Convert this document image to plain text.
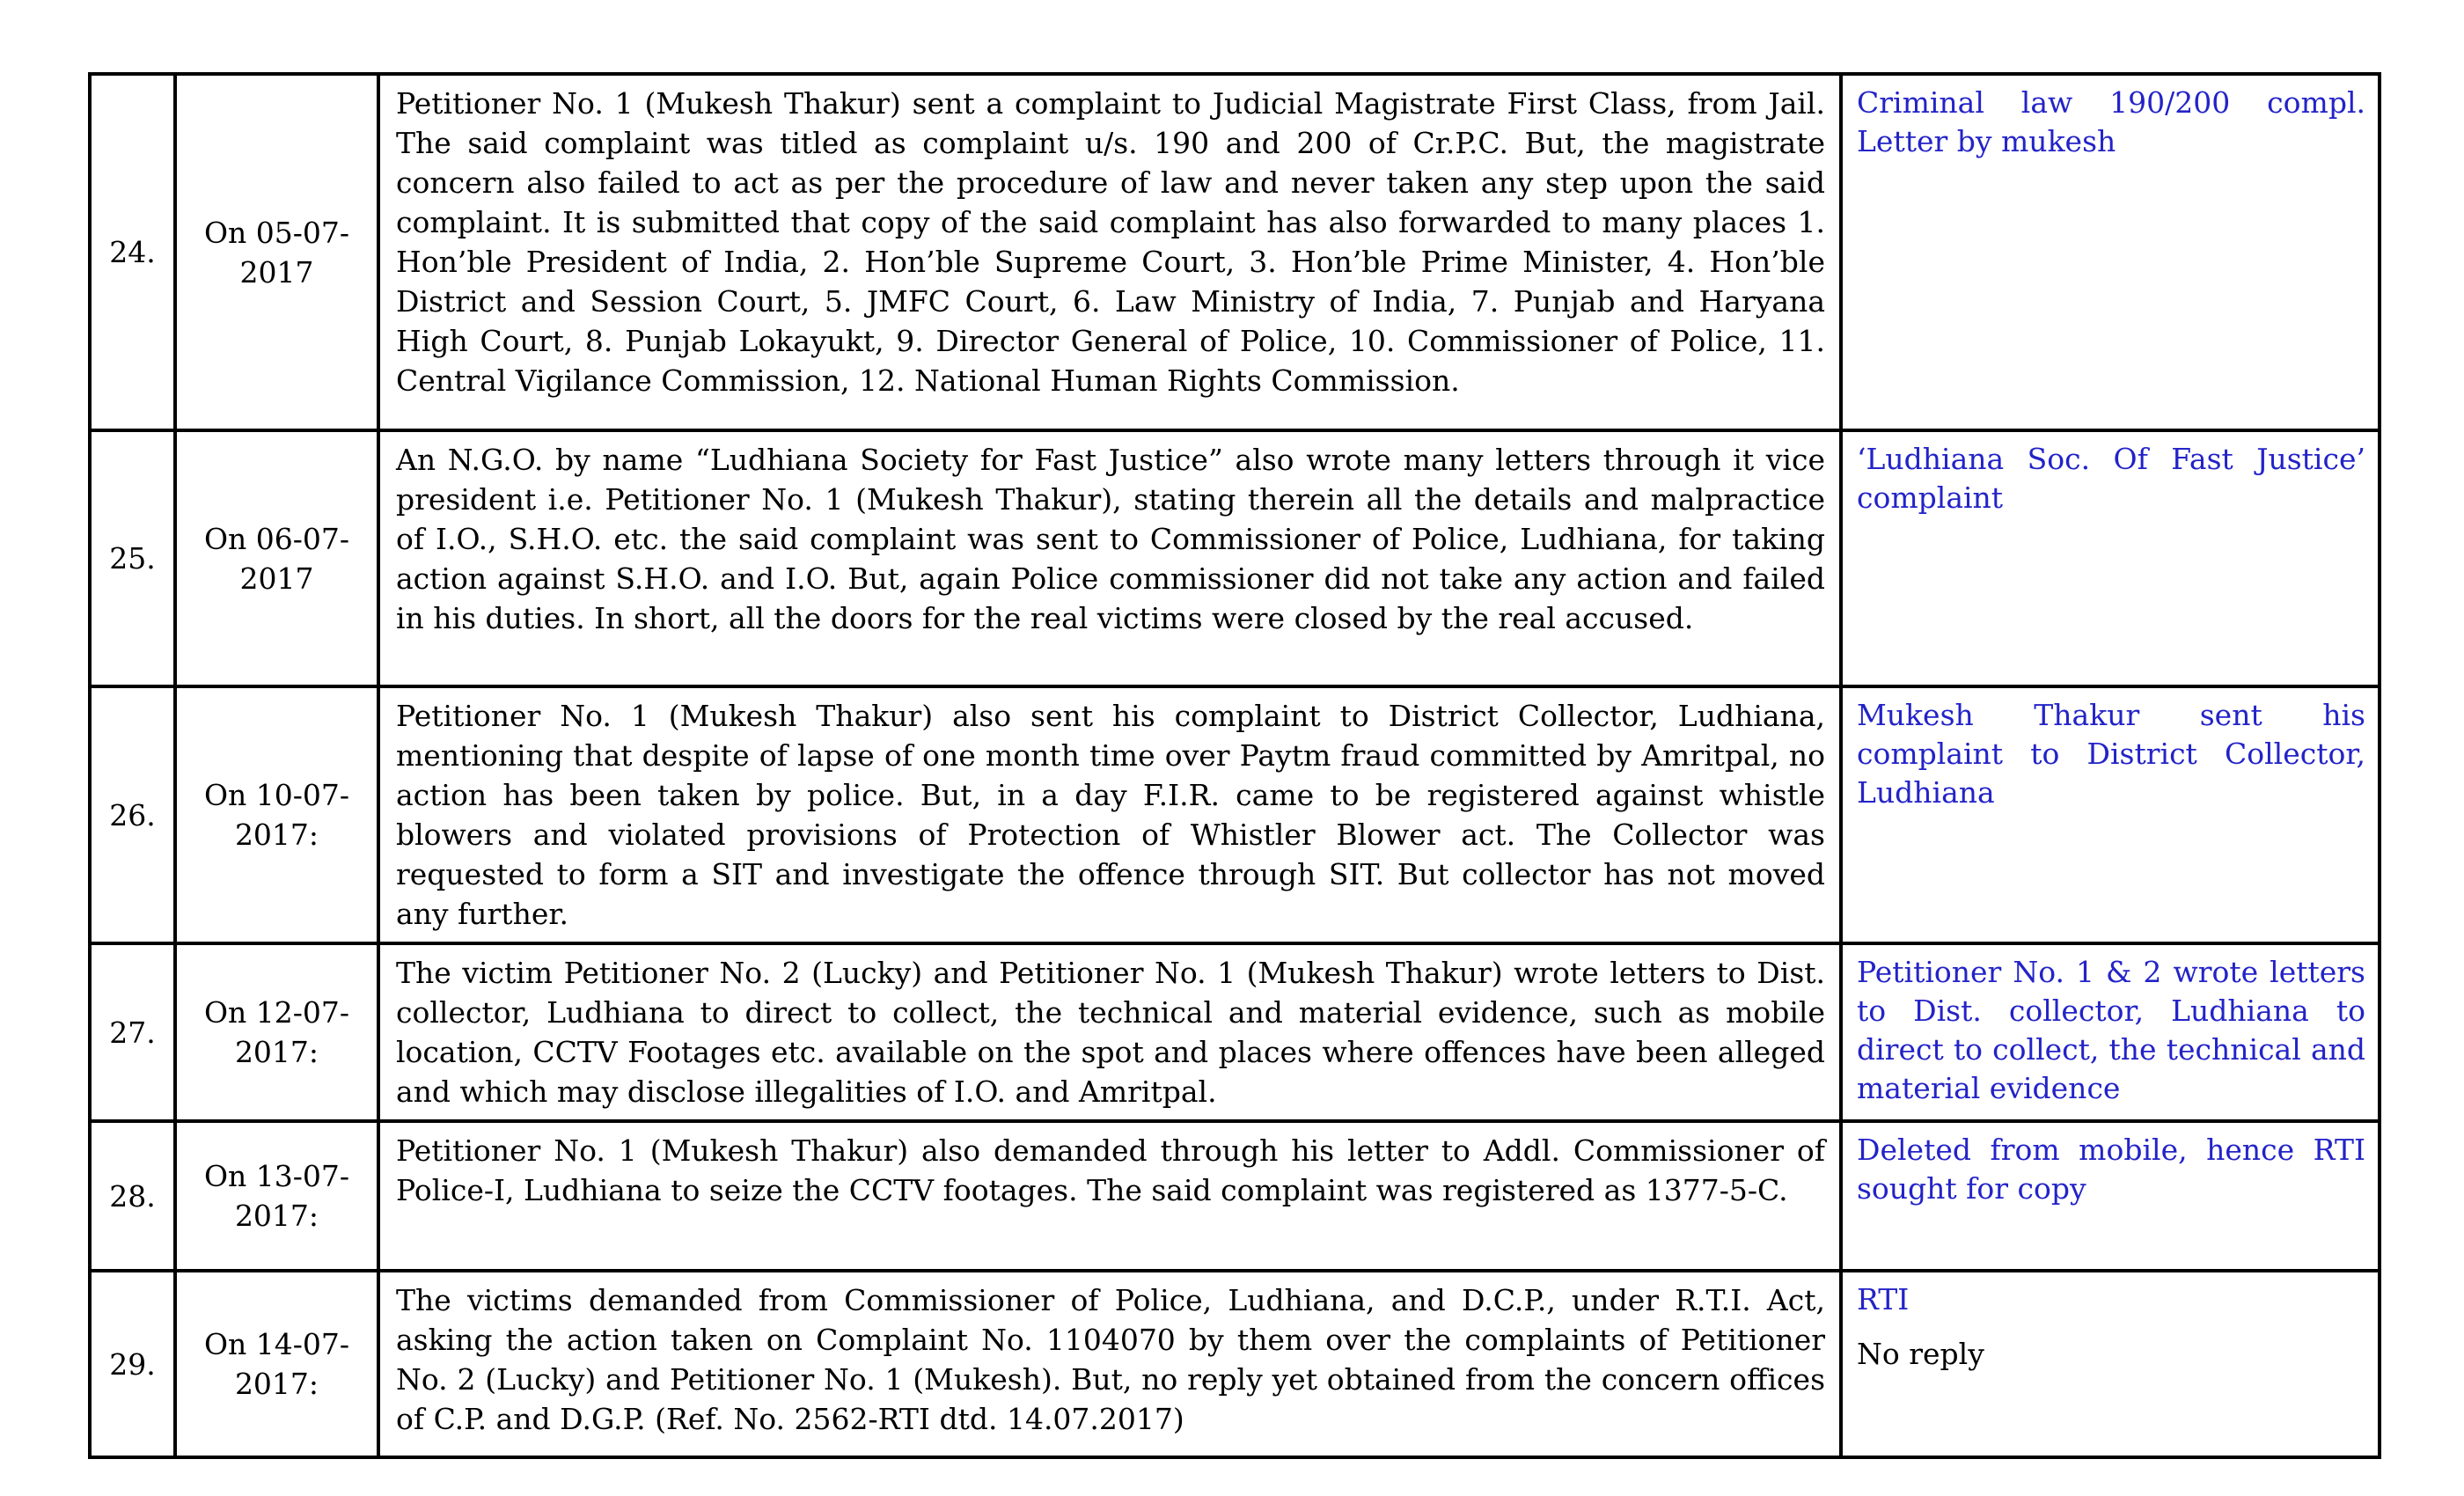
24.	On 05-07-2017	Petitioner No. 1 (Mukesh Thakur) sent a complaint to Judicial Magistrate First Class, from Jail. The said complaint was titled as complaint u/s. 190 and 200 of Cr.P.C. But, the magistrate concern also failed to act as per the procedure of law and never taken any step upon the said complaint. It is submitted that copy of the said complaint has also forwarded to many places 1. Hon’ble President of India, 2. Hon’ble Supreme Court, 3. Hon’ble Prime Minister, 4. Hon’ble District and Session Court, 5. JMFC Court, 6. Law Ministry of India, 7. Punjab and Haryana High Court, 8. Punjab Lokayukt, 9. Director General of Police, 10. Commissioner of Police, 11. Central Vigilance Commission, 12. National Human Rights Commission.	Criminal law 190/200 compl. Letter by mukesh

25.	On 06-07-2017	An N.G.O. by name “Ludhiana Society for Fast Justice” also wrote many letters through it vice president i.e. Petitioner No. 1 (Mukesh Thakur), stating therein all the details and malpractice of I.O., S.H.O. etc. the said complaint was sent to Commissioner of Police, Ludhiana, for taking action against S.H.O. and I.O. But, again Police commissioner did not take any action and failed in his duties. In short, all the doors for the real victims were closed by the real accused.	‘Ludhiana Soc. Of Fast Justice’ complaint

26.	On 10-07-2017:	Petitioner No. 1 (Mukesh Thakur) also sent his complaint to District Collector, Ludhiana, mentioning that despite of lapse of one month time over Paytm fraud committed by Amritpal, no action has been taken by police. But, in a day F.I.R. came to be registered against whistle blowers and violated provisions of Protection of Whistler Blower act. The Collector was requested to form a SIT and investigate the offence through SIT. But collector has not moved any further.	Mukesh Thakur sent his complaint to District Collector, Ludhiana

27.	On 12-07-2017:	The victim Petitioner No. 2 (Lucky) and Petitioner No. 1 (Mukesh Thakur) wrote letters to Dist. collector, Ludhiana to direct to collect, the technical and material evidence, such as mobile location, CCTV Footages etc. available on the spot and places where offences have been alleged and which may disclose illegalities of I.O. and Amritpal.	Petitioner No. 1 & 2 wrote letters to Dist. collector, Ludhiana to direct to collect, the technical and material evidence

28.	On 13-07-2017:	Petitioner No. 1 (Mukesh Thakur) also demanded through his letter to Addl. Commissioner of Police-I, Ludhiana to seize the CCTV footages. The said complaint was registered as 1377-5-C.	Deleted from mobile, hence RTI sought for copy

29.	On 14-07-2017:	The victims demanded from Commissioner of Police, Ludhiana, and D.C.P., under R.T.I. Act, asking the action taken on Complaint No. 1104070 by them over the complaints of Petitioner No. 2 (Lucky) and Petitioner No. 1 (Mukesh). But, no reply yet obtained from the concern offices of C.P. and D.G.P. (Ref. No. 2562-RTI dtd. 14.07.2017)	RTI
No reply
